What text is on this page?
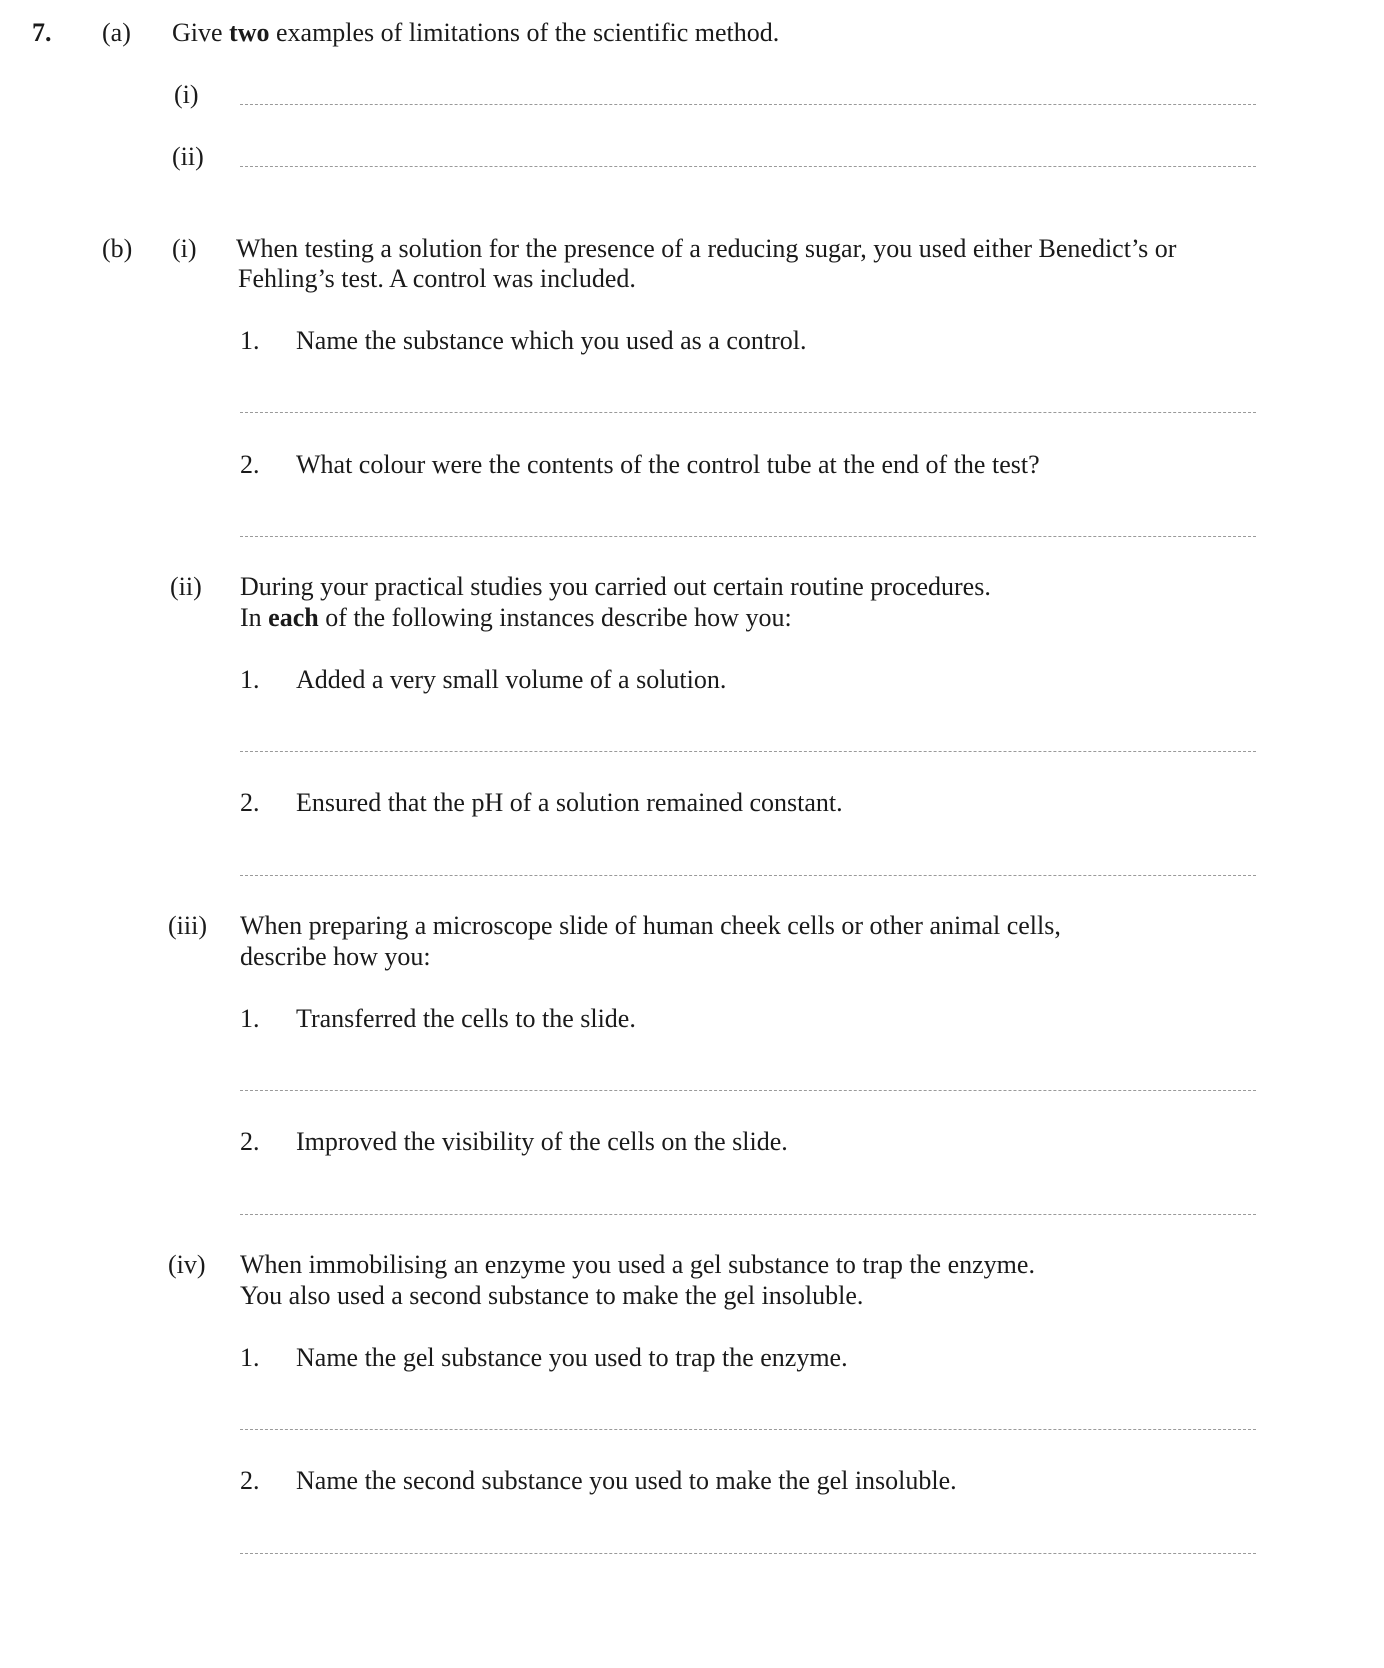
7. (a) Give two examples of limitations of the scientific method.
(i)
(ii)
(b) (i) When testing a solution for the presence of a reducing sugar, you used either Benedict’s or
Fehling’s test. A control was included.
1. Name the substance which you used as a control.
2. What colour were the contents of the control tube at the end of the test?
(ii) During your practical studies you carried out certain routine procedures.
In each of the following instances describe how you:
1. Added a very small volume of a solution.
2. Ensured that the pH of a solution remained constant.
(iii) When preparing a microscope slide of human cheek cells or other animal cells,
describe how you:
1. Transferred the cells to the slide.
2. Improved the visibility of the cells on the slide.
(iv) When immobilising an enzyme you used a gel substance to trap the enzyme.
You also used a second substance to make the gel insoluble.
1. Name the gel substance you used to trap the enzyme.
2. Name the second substance you used to make the gel insoluble.
